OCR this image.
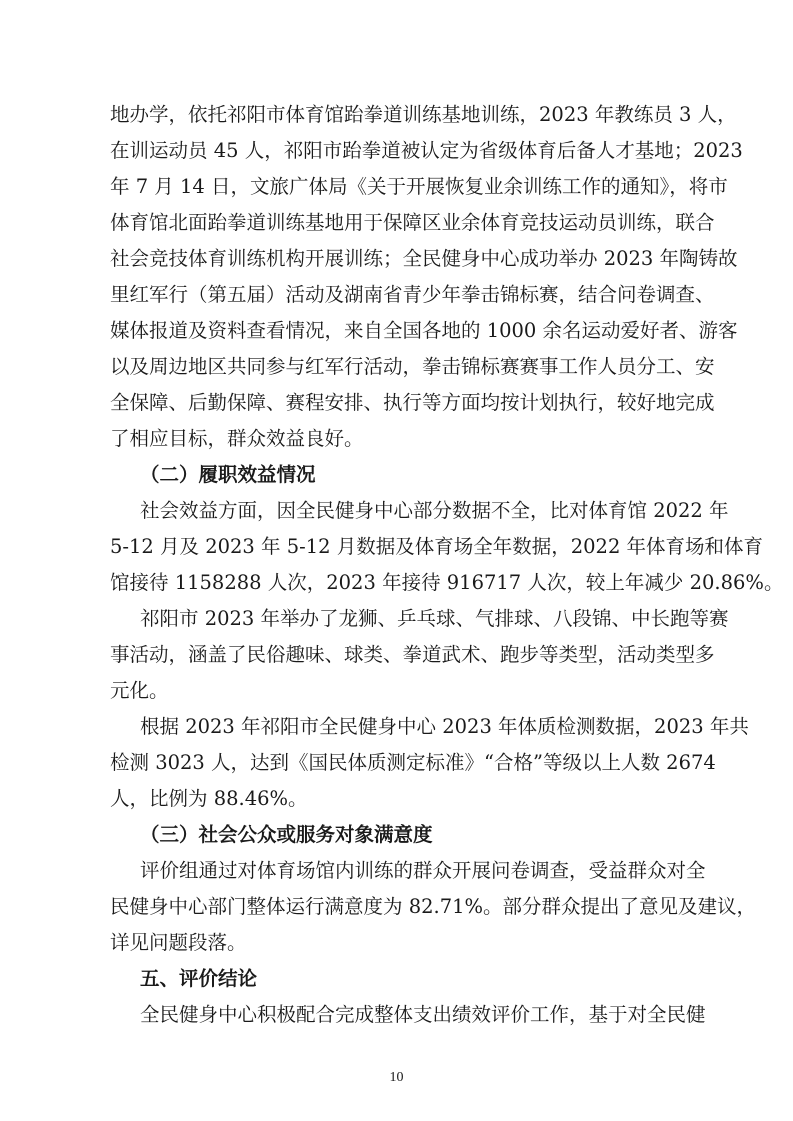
地办学，依托祁阳市体育馆跆拳道训练基地训练，2023 年教练员 3 人，
在训运动员 45 人，祁阳市跆拳道被认定为省级体育后备人才基地；2023
年 7 月 14 日，文旅广体局《关于开展恢复业余训练工作的通知》，将市
体育馆北面跆拳道训练基地用于保障区业余体育竞技运动员训练，联合
社会竞技体育训练机构开展训练；全民健身中心成功举办 2023 年陶铸故
里红军行（第五届）活动及湖南省青少年拳击锦标赛，结合问卷调查、
媒体报道及资料查看情况，来自全国各地的 1000 余名运动爱好者、游客
以及周边地区共同参与红军行活动，拳击锦标赛赛事工作人员分工、安
全保障、后勤保障、赛程安排、执行等方面均按计划执行，较好地完成
了相应目标，群众效益良好。
（二）履职效益情况
社会效益方面，因全民健身中心部分数据不全，比对体育馆 2022 年
5-12 月及 2023 年 5-12 月数据及体育场全年数据，2022 年体育场和体育
馆接待 1158288 人次，2023 年接待 916717 人次，较上年减少 20.86%。
祁阳市 2023 年举办了龙狮、乒乓球、气排球、八段锦、中长跑等赛
事活动，涵盖了民俗趣味、球类、拳道武术、跑步等类型，活动类型多
元化。
根据 2023 年祁阳市全民健身中心 2023 年体质检测数据，2023 年共
检测 3023 人，达到《国民体质测定标准》“合格”等级以上人数 2674
人，比例为 88.46%。
（三）社会公众或服务对象满意度
评价组通过对体育场馆内训练的群众开展问卷调查，受益群众对全
民健身中心部门整体运行满意度为 82.71%。部分群众提出了意见及建议，
详见问题段落。
五、评价结论
全民健身中心积极配合完成整体支出绩效评价工作，基于对全民健
10
